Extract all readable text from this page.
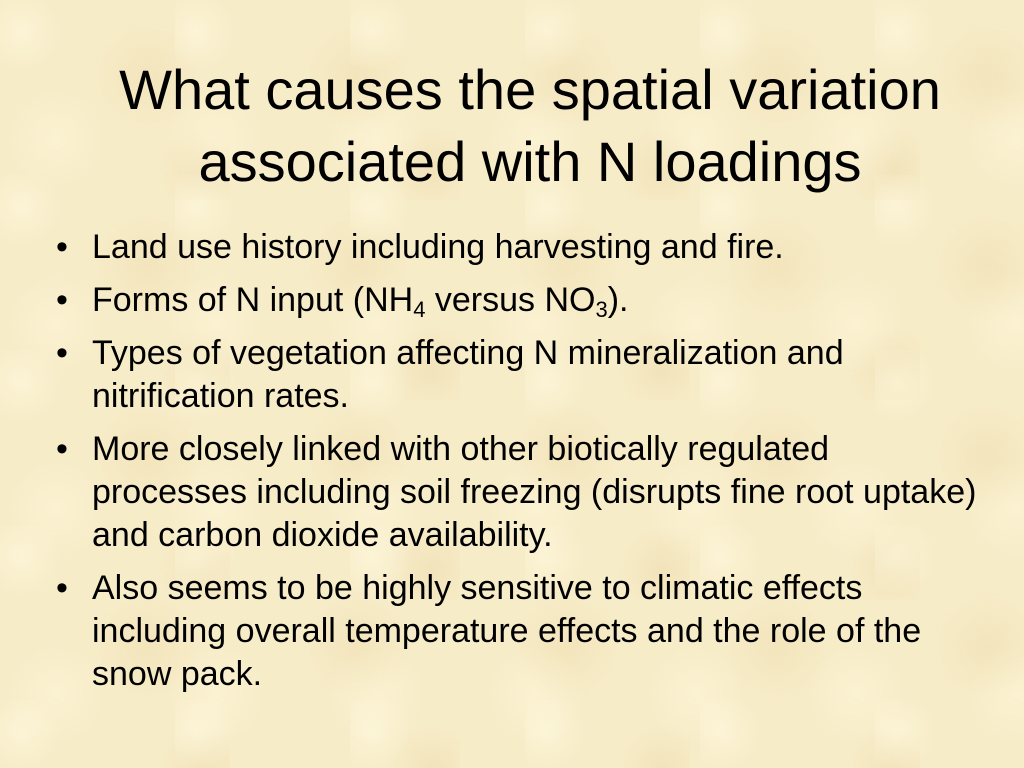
What causes the spatial variation
associated with N loadings
• Land use history including harvesting and fire.
• Forms of N input ($NH_4$ versus $NO_3$).
• Types of vegetation affecting N mineralization and nitrification rates.
• More closely linked with other biotically regulated processes including soil freezing (disrupts fine root uptake) and carbon dioxide availability.
• Also seems to be highly sensitive to climatic effects including overall temperature effects and the role of the snow pack.
